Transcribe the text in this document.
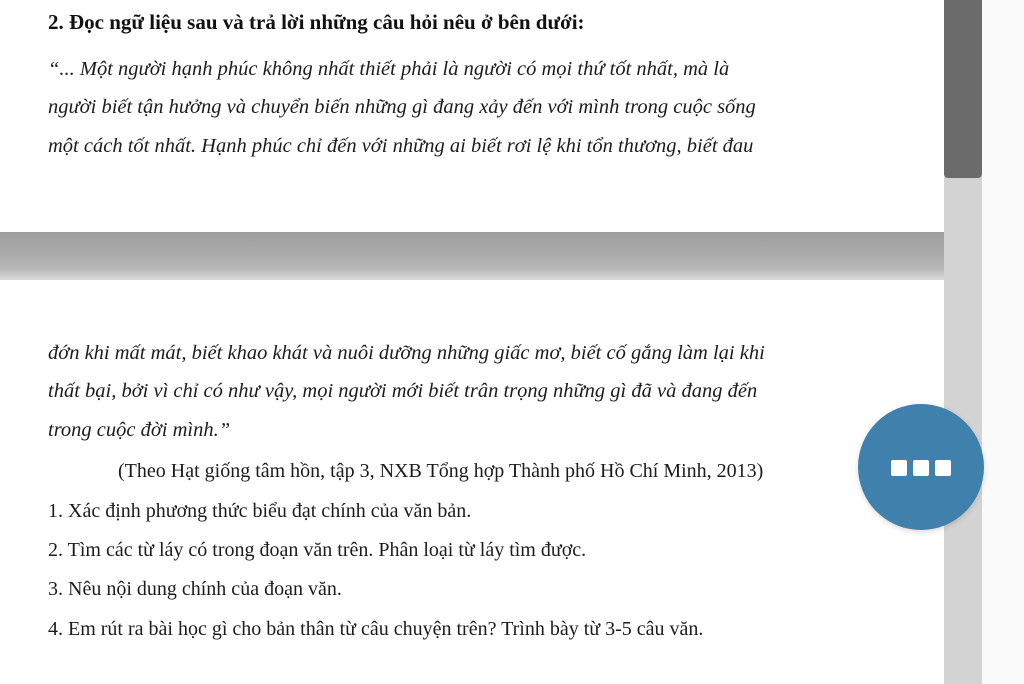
2. Đọc ngữ liệu sau và trả lời những câu hỏi nêu ở bên dưới:
“... Một người hạnh phúc không nhất thiết phải là người có mọi thứ tốt nhất, mà là
người biết tận hưởng và chuyển biến những gì đang xảy đến với mình trong cuộc sống
một cách tốt nhất. Hạnh phúc chỉ đến với những ai biết rơi lệ khi tổn thương, biết đau
đớn khi mất mát, biết khao khát và nuôi dưỡng những giấc mơ, biết cố gắng làm lại khi
thất bại, bởi vì chỉ có như vậy, mọi người mới biết trân trọng những gì đã và đang đến
trong cuộc đời mình.”
(Theo Hạt giống tâm hồn, tập 3, NXB Tổng hợp Thành phố Hồ Chí Minh, 2013)
1. Xác định phương thức biểu đạt chính của văn bản.
2. Tìm các từ láy có trong đoạn văn trên. Phân loại từ láy tìm được.
3. Nêu nội dung chính của đoạn văn.
4. Em rút ra bài học gì cho bản thân từ câu chuyện trên? Trình bày từ 3-5 câu văn.
